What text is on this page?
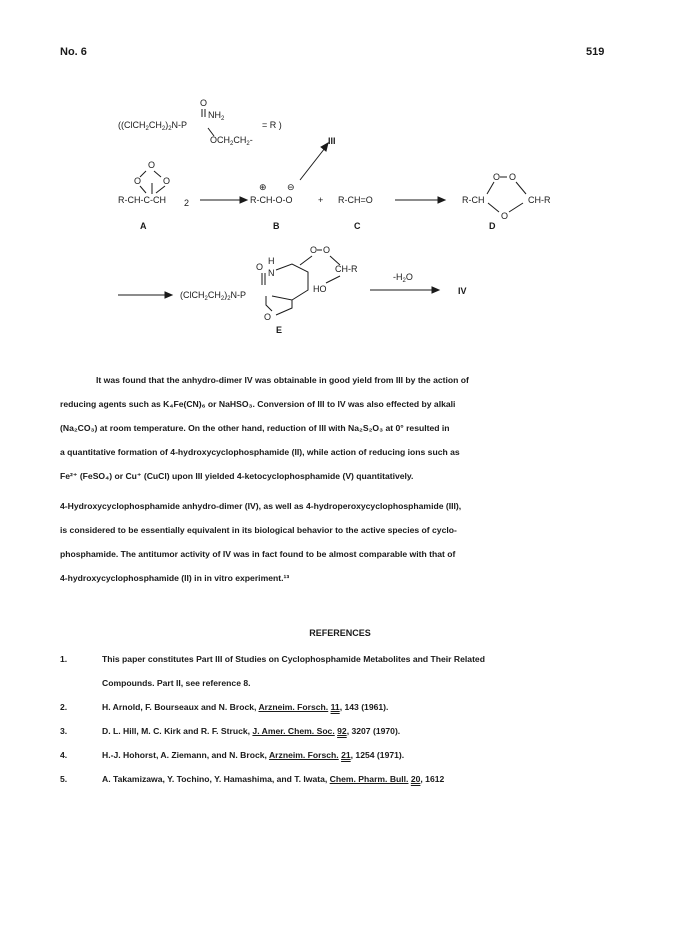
No. 6	519
O
$NH_2$
($(ClCH_2CH_2)_2N-P$
$OCH_2CH_2-$
= R )
O
O O
R-CH-C-CH 2
A
⊕ ⊖
R-CH-O-O
B
III
+ R-CH=O
C
O O
R-CH	CH-R
O
D
$(ClCH_2CH_2)_2N-P$
O
H
N
O
O O
CH-R
HO
E
$-H_2O$
IV
It was found that the anhydro-dimer IV was obtainable in good yield from III by the action of
reducing agents such as K₄Fe(CN)₆ or NaHSO₃. Conversion of III to IV was also effected by alkali
(Na₂CO₃) at room temperature. On the other hand, reduction of III with Na₂S₂O₃ at 0° resulted in
a quantitative formation of 4-hydroxycyclophosphamide (II), while action of reducing ions such as
Fe²⁺ (FeSO₄) or Cu⁺ (CuCl) upon III yielded 4-ketocyclophosphamide (V) quantitatively.
4-Hydroxycyclophosphamide anhydro-dimer (IV), as well as 4-hydroperoxycyclophosphamide (III),
is considered to be essentially equivalent in its biological behavior to the active species of cyclo-
phosphamide. The antitumor activity of IV was in fact found to be almost comparable with that of
4-hydroxycyclophosphamide (II) in in vitro experiment.¹³
REFERENCES
1.	This paper constitutes Part III of Studies on Cyclophosphamide Metabolites and Their Related
Compounds. Part II, see reference 8.
2.	H. Arnold, F. Bourseaux and N. Brock, Arzneim. Forsch. 11, 143 (1961).
3.	D. L. Hill, M. C. Kirk and R. F. Struck, J. Amer. Chem. Soc. 92, 3207 (1970).
4.	H.-J. Hohorst, A. Ziemann, and N. Brock, Arzneim. Forsch. 21, 1254 (1971).
5.	A. Takamizawa, Y. Tochino, Y. Hamashima, and T. Iwata, Chem. Pharm. Bull. 20, 1612
